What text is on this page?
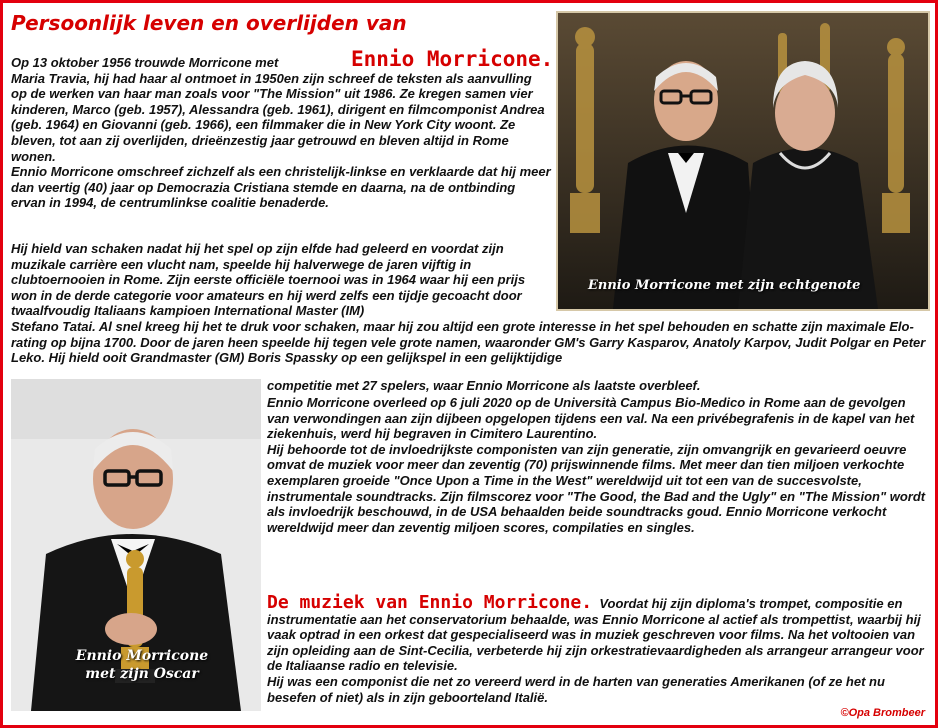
Persoonlijk leven en overlijden van
Ennio Morricone.

Op 13 oktober 1956 trouwde Morricone met

Maria Travia, hij had haar al ontmoet in 1950en zijn schreef de teksten als aanvulling op de werken van haar man zoals voor "The Mission" uit 1986. Ze kregen samen vier kinderen, Marco (geb. 1957), Alessandra (geb. 1961), dirigent en filmcomponist Andrea (geb. 1964) en Giovanni (geb. 1966), een filmmaker die in New York City woont. Ze bleven, tot aan zij overlijden, drieënzestig jaar getrouwd en bleven altijd in Rome wonen.

Ennio Morricone omschreef zichzelf als een christelijk-linkse en verklaarde dat hij meer dan veertig (40) jaar op Democrazia Cristiana stemde en daarna, na de ontbinding ervan in 1994, de centrumlinkse coalitie benaderde.

Hij hield van schaken nadat hij het spel op zijn elfde had geleerd en voordat zijn muzikale carrière een vlucht nam, speelde hij halverwege de jaren vijftig in clubtoernooien in Rome. Zijn eerste officiële toernooi was in 1964 waar hij een prijs won in de derde categorie voor amateurs en hij werd zelfs een tijdje gecoacht door twaalfvoudig Italiaans kampioen International Master (IM)

Stefano Tatai. Al snel kreeg hij het te druk voor schaken, maar hij zou altijd een grote interesse in het spel behouden en schatte zijn maximale Elo-rating op bijna 1700. Door de jaren heen speelde hij tegen vele grote namen, waaronder GM's Garry Kasparov, Anatoly Karpov, Judit Polgar en Peter Leko. Hij hield ooit Grandmaster (GM) Boris Spassky op een gelijkspel in een gelijktijdige

competitie met 27 spelers, waar Ennio Morricone als laatste overbleef.

Ennio Morricone overleed op 6 juli 2020 op de Università Campus Bio-Medico in Rome aan de gevolgen van verwondingen aan zijn dijbeen opgelopen tijdens een val. Na een privébegrafenis in de kapel van het ziekenhuis, werd hij begraven in Cimitero Laurentino.

Hij behoorde tot de invloedrijkste componisten van zijn generatie, zijn omvangrijk en gevarieerd oeuvre omvat de muziek voor meer dan zeventig (70) prijswinnende films. Met meer dan tien miljoen verkochte exemplaren groeide "Once Upon a Time in the West" wereldwijd uit tot een van de succesvolste, instrumentale soundtracks. Zijn filmscorez voor "The Good, the Bad and the Ugly" en "The Mission" wordt als invloedrijk beschouwd, in de USA behaalden beide soundtracks goud. Ennio Morricone verkocht wereldwijd meer dan zeventig miljoen scores, compilaties en singles.

De muziek van Ennio Morricone. Voordat hij zijn diploma's trompet, compositie en instrumentatie aan het conservatorium behaalde, was Ennio Morricone al actief als trompettist, waarbij hij vaak optrad in een orkest dat gespecialiseerd was in muziek geschreven voor films. Na het voltooien van zijn opleiding aan de Sint-Cecilia, verbeterde hij zijn orkestratievaardigheden als arrangeur arrangeur voor de Italiaanse radio en televisie.

Hij was een componist die net zo vereerd werd in de harten van generaties Amerikanen (of ze het nu besefen of niet) als in zijn geboorteland Italië.

Ennio Morricone met zijn echtgenote
Ennio Morricone
met zijn Oscar
©Opa Brombeer
